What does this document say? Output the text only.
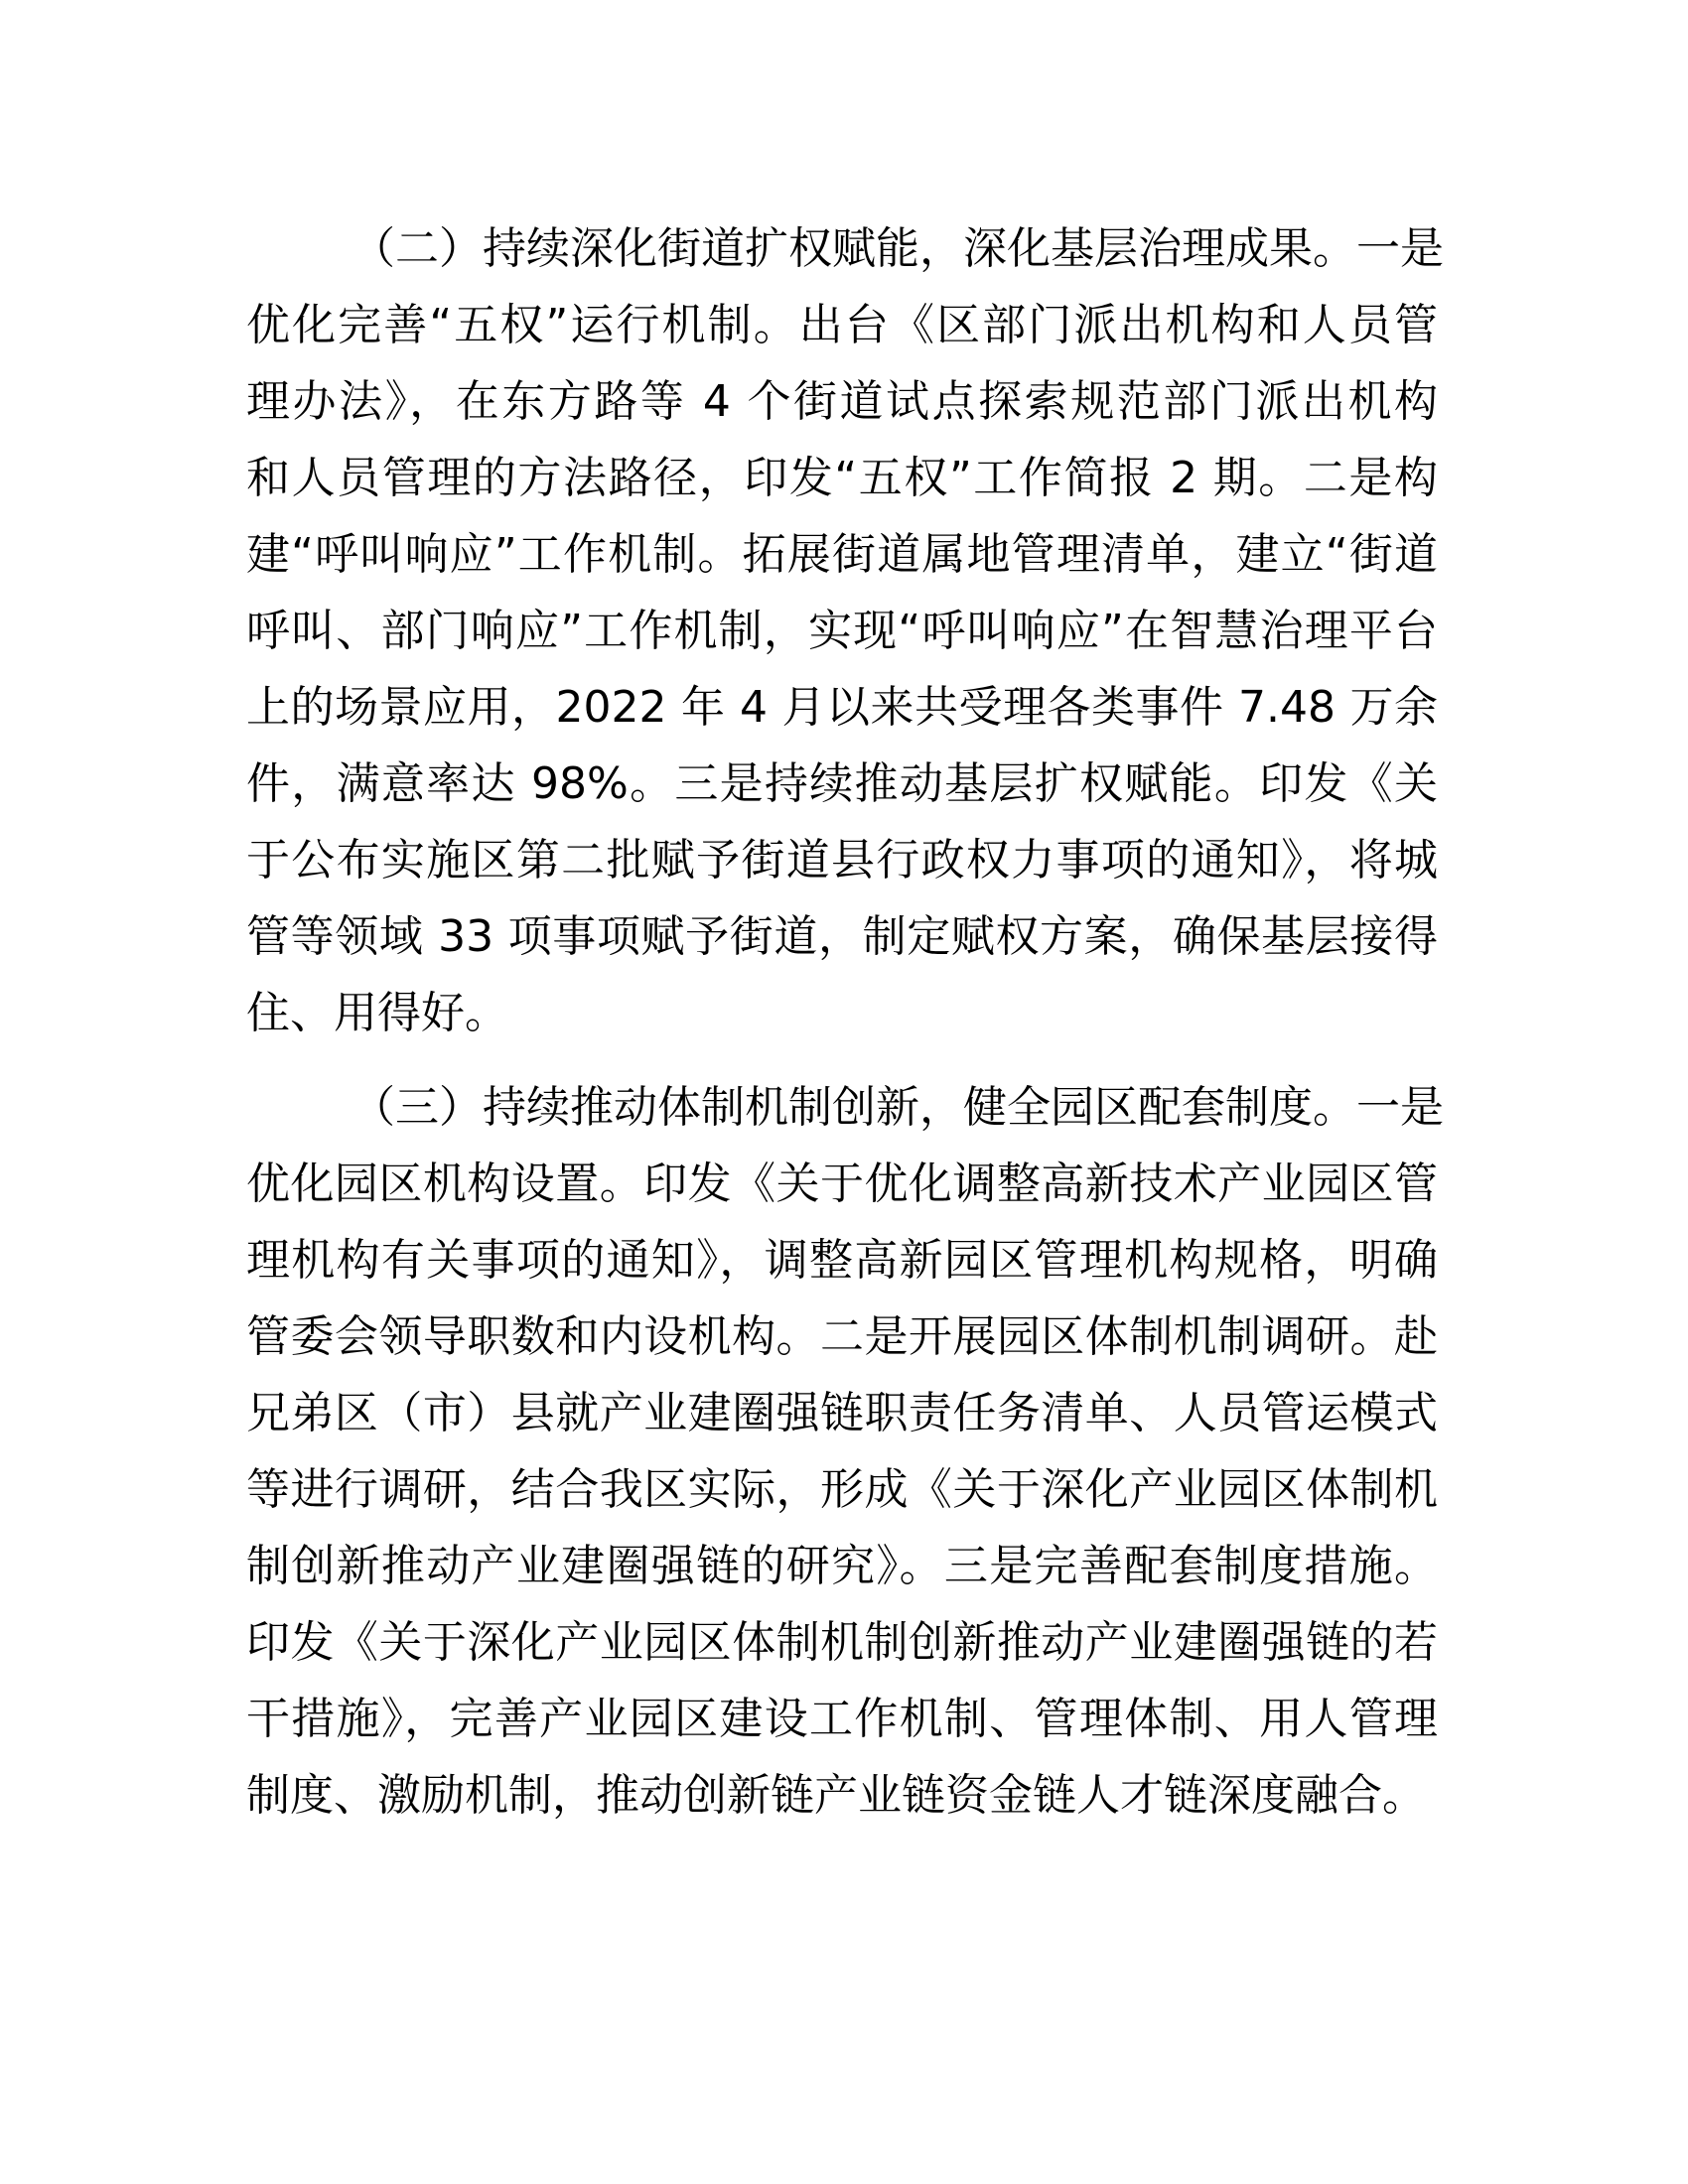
（二）持续深化街道扩权赋能，深化基层治理成果。一是
优化完善“五权”运行机制。出台《区部门派出机构和人员管
理办法》，在东方路等 4 个街道试点探索规范部门派出机构
和人员管理的方法路径，印发“五权”工作简报 2 期。二是构
建“呼叫响应”工作机制。拓展街道属地管理清单，建立“街道
呼叫、部门响应”工作机制，实现“呼叫响应”在智慧治理平台
上的场景应用，2022 年 4 月以来共受理各类事件 7.48 万余
件，满意率达 98%。三是持续推动基层扩权赋能。印发《关
于公布实施区第二批赋予街道县行政权力事项的通知》，将城
管等领域 33 项事项赋予街道，制定赋权方案，确保基层接得
住、用得好。
（三）持续推动体制机制创新，健全园区配套制度。一是
优化园区机构设置。印发《关于优化调整高新技术产业园区管
理机构有关事项的通知》，调整高新园区管理机构规格，明确
管委会领导职数和内设机构。二是开展园区体制机制调研。赴
兄弟区（市）县就产业建圈强链职责任务清单、人员管运模式
等进行调研，结合我区实际，形成《关于深化产业园区体制机
制创新推动产业建圈强链的研究》。三是完善配套制度措施。
印发《关于深化产业园区体制机制创新推动产业建圈强链的若
干措施》，完善产业园区建设工作机制、管理体制、用人管理
制度、激励机制，推动创新链产业链资金链人才链深度融合。
